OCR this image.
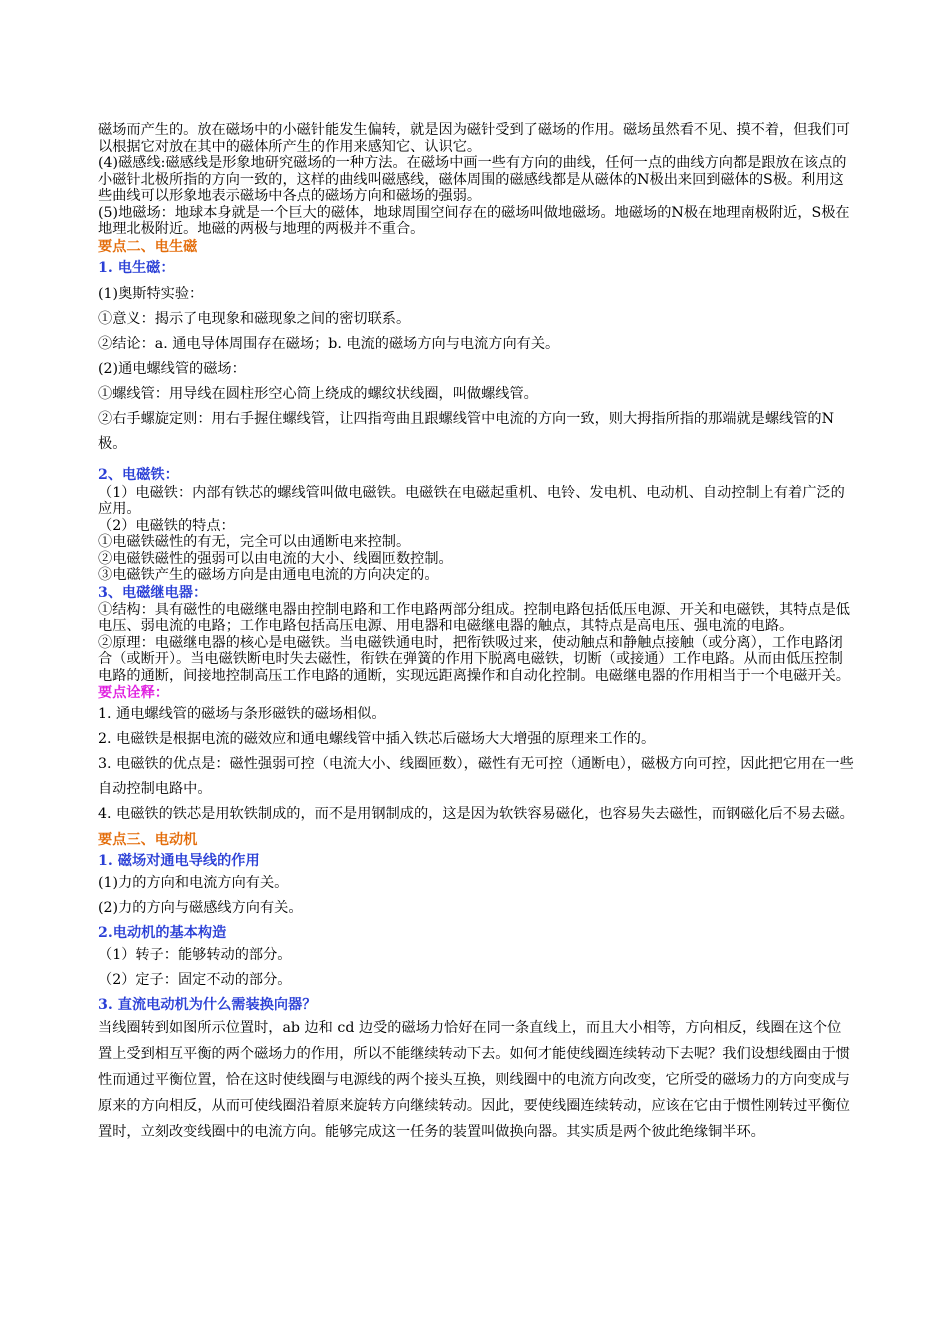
磁场而产生的。放在磁场中的小磁针能发生偏转，就是因为磁针受到了磁场的作用。磁场虽然看不见、摸不着，但我们可以根据它对放在其中的磁体所产生的作用来感知它、认识它。

(4)磁感线:磁感线是形象地研究磁场的一种方法。在磁场中画一些有方向的曲线，任何一点的曲线方向都是跟放在该点的小磁针北极所指的方向一致的，这样的曲线叫磁感线，磁体周围的磁感线都是从磁体的N极出来回到磁体的S极。利用这些曲线可以形象地表示磁场中各点的磁场方向和磁场的强弱。

(5)地磁场：地球本身就是一个巨大的磁体，地球周围空间存在的磁场叫做地磁场。地磁场的N极在地理南极附近，S极在地理北极附近。地磁的两极与地理的两极并不重合。

要点二、电生磁

1. 电生磁：

(1)奥斯特实验：

①意义：揭示了电现象和磁现象之间的密切联系。

②结论：a. 通电导体周围存在磁场；b. 电流的磁场方向与电流方向有关。

(2)通电螺线管的磁场：

①螺线管：用导线在圆柱形空心筒上绕成的螺纹状线圈，叫做螺线管。

②右手螺旋定则：用右手握住螺线管，让四指弯曲且跟螺线管中电流的方向一致，则大拇指所指的那端就是螺线管的N极。

2、电磁铁：

（1）电磁铁：内部有铁芯的螺线管叫做电磁铁。电磁铁在电磁起重机、电铃、发电机、电动机、自动控制上有着广泛的应用。

（2）电磁铁的特点：

①电磁铁磁性的有无，完全可以由通断电来控制。

②电磁铁磁性的强弱可以由电流的大小、线圈匝数控制。

③电磁铁产生的磁场方向是由通电电流的方向决定的。

3、电磁继电器：

①结构：具有磁性的电磁继电器由控制电路和工作电路两部分组成。控制电路包括低压电源、开关和电磁铁，其特点是低电压、弱电流的电路；工作电路包括高压电源、用电器和电磁继电器的触点，其特点是高电压、强电流的电路。

②原理：电磁继电器的核心是电磁铁。当电磁铁通电时，把衔铁吸过来，使动触点和静触点接触（或分离），工作电路闭合（或断开）。当电磁铁断电时失去磁性，衔铁在弹簧的作用下脱离电磁铁，切断（或接通）工作电路。从而由低压控制电路的通断，间接地控制高压工作电路的通断，实现远距离操作和自动化控制。电磁继电器的作用相当于一个电磁开关。

要点诠释：

1. 通电螺线管的磁场与条形磁铁的磁场相似。

2. 电磁铁是根据电流的磁效应和通电螺线管中插入铁芯后磁场大大增强的原理来工作的。

3. 电磁铁的优点是：磁性强弱可控（电流大小、线圈匝数），磁性有无可控（通断电），磁极方向可控，因此把它用在一些自动控制电路中。

4. 电磁铁的铁芯是用软铁制成的，而不是用钢制成的，这是因为软铁容易磁化，也容易失去磁性，而钢磁化后不易去磁。

要点三、电动机

1. 磁场对通电导线的作用

(1)力的方向和电流方向有关。

(2)力的方向与磁感线方向有关。

2.电动机的基本构造

（1）转子：能够转动的部分。

（2）定子：固定不动的部分。

3. 直流电动机为什么需装换向器？

当线圈转到如图所示位置时，ab 边和 cd 边受的磁场力恰好在同一条直线上，而且大小相等，方向相反，线圈在这个位置上受到相互平衡的两个磁场力的作用，所以不能继续转动下去。如何才能使线圈连续转动下去呢？我们设想线圈由于惯性而通过平衡位置，恰在这时使线圈与电源线的两个接头互换，则线圈中的电流方向改变，它所受的磁场力的方向变成与原来的方向相反，从而可使线圈沿着原来旋转方向继续转动。因此，要使线圈连续转动，应该在它由于惯性刚转过平衡位置时，立刻改变线圈中的电流方向。能够完成这一任务的装置叫做换向器。其实质是两个彼此绝缘铜半环。
